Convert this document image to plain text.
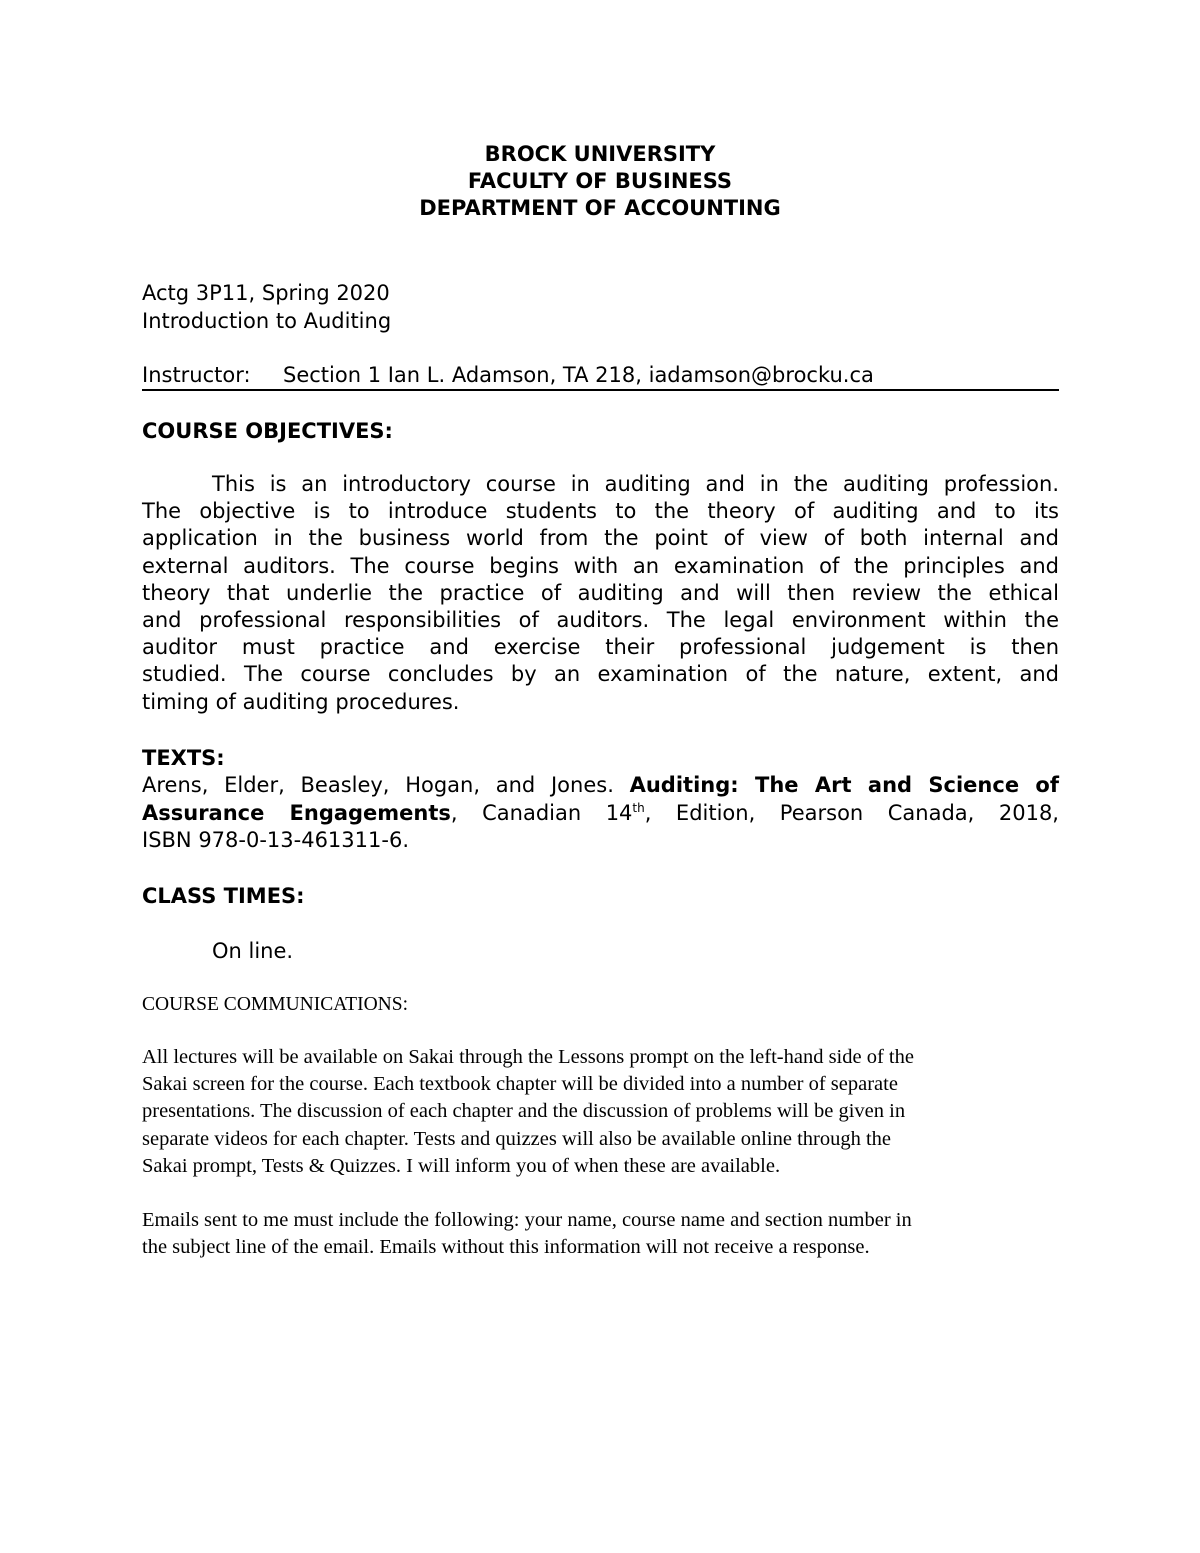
BROCK UNIVERSITY
FACULTY OF BUSINESS
DEPARTMENT OF ACCOUNTING
Actg 3P11, Spring 2020
Introduction to Auditing
Instructor: Section 1 Ian L. Adamson, TA 218, iadamson@brocku.ca
COURSE OBJECTIVES:
This is an introductory course in auditing and in the auditing profession.
The objective is to introduce students to the theory of auditing and to its
application in the business world from the point of view of both internal and
external auditors. The course begins with an examination of the principles and
theory that underlie the practice of auditing and will then review the ethical
and professional responsibilities of auditors. The legal environment within the
auditor must practice and exercise their professional judgement is then
studied. The course concludes by an examination of the nature, extent, and
timing of auditing procedures.
TEXTS:
Arens, Elder, Beasley, Hogan, and Jones. Auditing: The Art and Science of
Assurance Engagements, Canadian 14th, Edition, Pearson Canada, 2018,
ISBN 978-0-13-461311-6.
CLASS TIMES:
On line.
COURSE COMMUNICATIONS:
All lectures will be available on Sakai through the Lessons prompt on the left-hand side of the
Sakai screen for the course. Each textbook chapter will be divided into a number of separate
presentations. The discussion of each chapter and the discussion of problems will be given in
separate videos for each chapter. Tests and quizzes will also be available online through the
Sakai prompt, Tests & Quizzes. I will inform you of when these are available.
Emails sent to me must include the following: your name, course name and section number in
the subject line of the email. Emails without this information will not receive a response.
